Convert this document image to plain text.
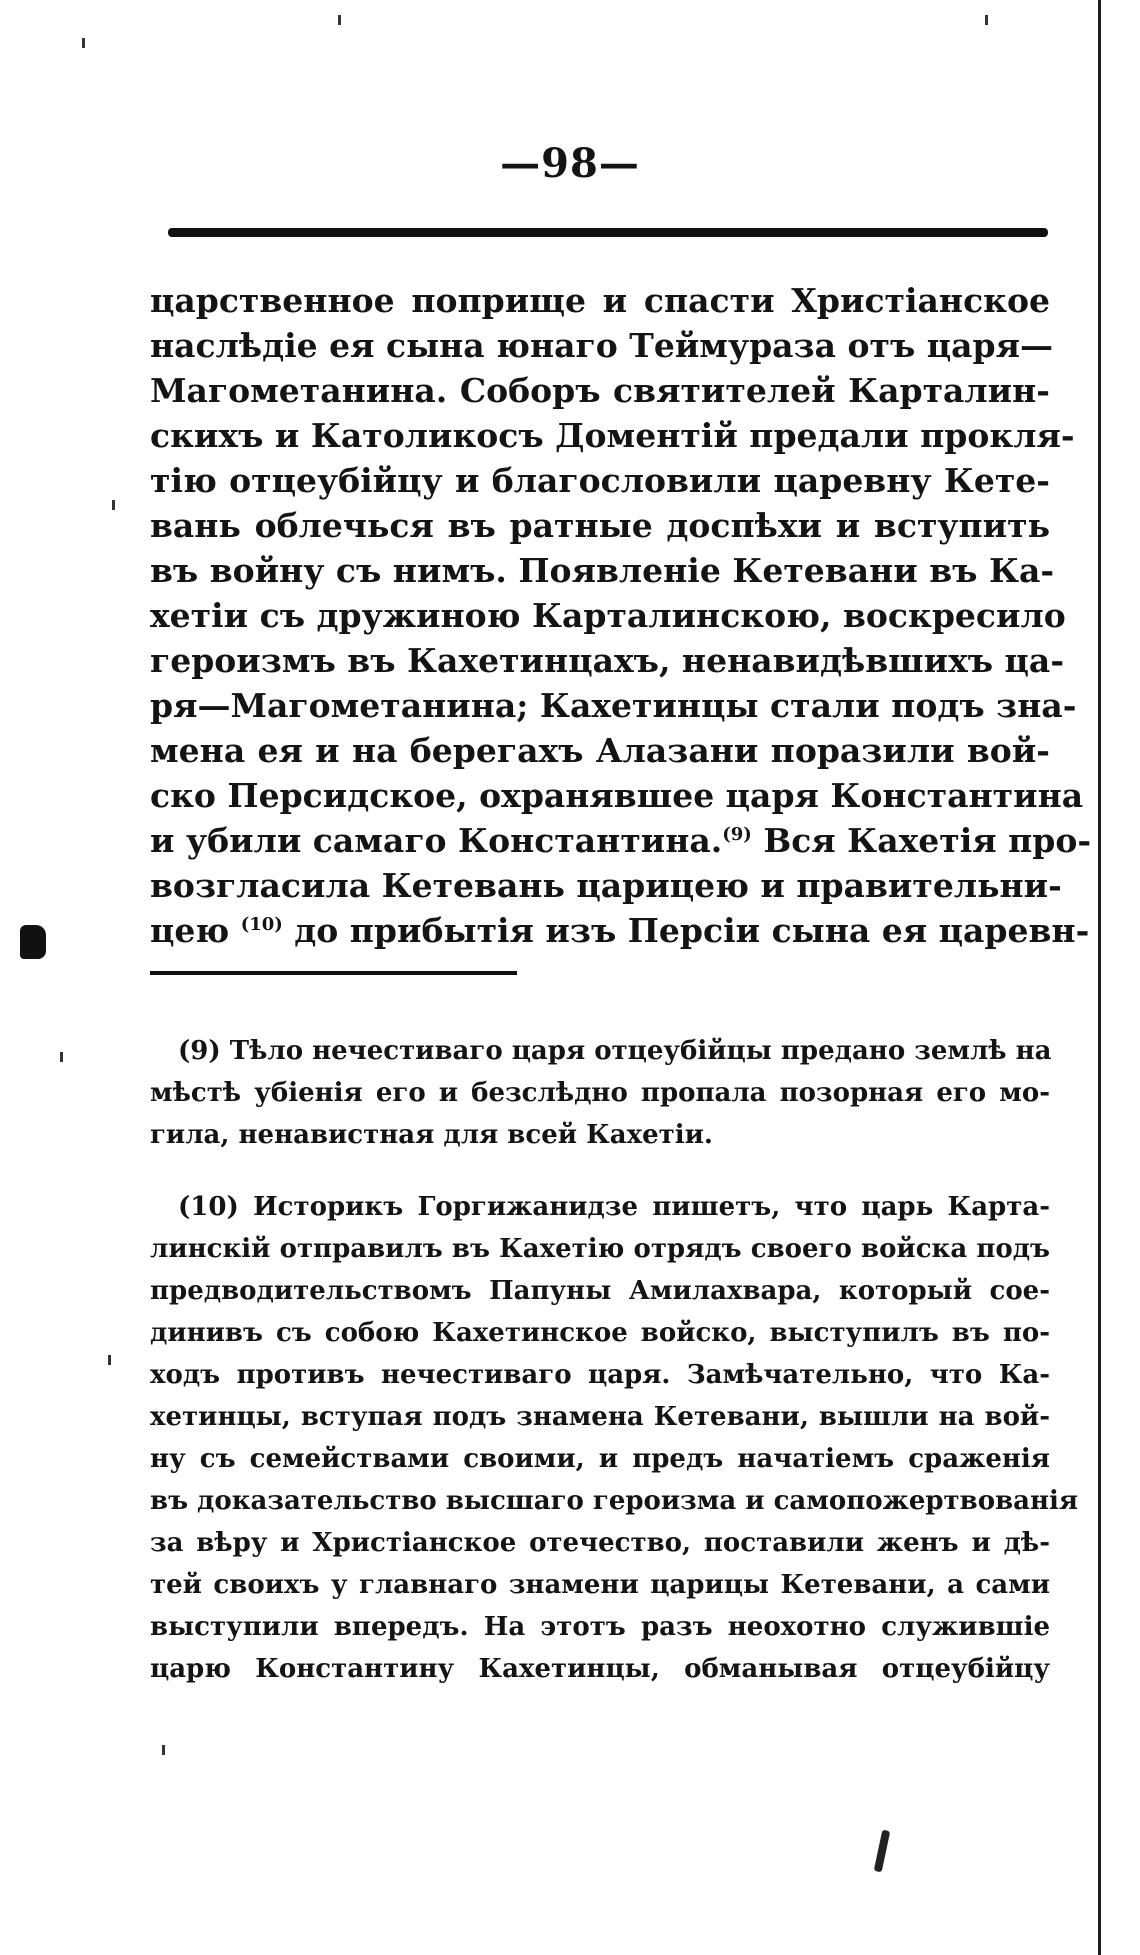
—98—
царственное поприще и спасти Христіанское
наслѣдіе ея сына юнаго Теймураза отъ царя—
Магометанина. Соборъ святителей Карталин-
скихъ и Католикосъ Доментій предали прокля-
тію отцеубійцу и благословили царевну Кете-
вань облечься въ ратные доспѣхи и вступить
въ войну съ нимъ. Появленіе Кетевани въ Ка-
хетіи съ дружиною Карталинскою, воскресило
героизмъ въ Кахетинцахъ, ненавидѣвшихъ ца-
ря—Магометанина; Кахетинцы стали подъ зна-
мена ея и на берегахъ Алазани поразили вой-
ско Персидское, охранявшее царя Константина
и убили самаго Константина.$^{(9)}$ Вся Кахетія про-
возгласила Кетевань царицею и правительни-
цею $^{(10)}$ до прибытія изъ Персіи сына ея царевн-
(9) Тѣло нечестиваго царя отцеубійцы предано землѣ на
мѣстѣ убіенія его и безслѣдно пропала позорная его мо-
гила, ненавистная для всей Кахетіи.
(10) Историкъ Горгижанидзе пишетъ, что царь Карта-
линскій отправилъ въ Кахетію отрядъ своего войска подъ
предводительствомъ Папуны Амилахвара, который сое-
динивъ съ собою Кахетинское войско, выступилъ въ по-
ходъ противъ нечестиваго царя. Замѣчательно, что Ка-
хетинцы, вступая подъ знамена Кетевани, вышли на вой-
ну съ семействами своими, и предъ начатіемъ сраженія
въ доказательство высшаго героизма и самопожертвованія
за вѣру и Христіанское отечество, поставили женъ и дѣ-
тей своихъ у главнаго знамени царицы Кетевани, а сами
выступили впередъ. На этотъ разъ неохотно служившіе
царю Константину Кахетинцы, обманывая отцеубійцу
